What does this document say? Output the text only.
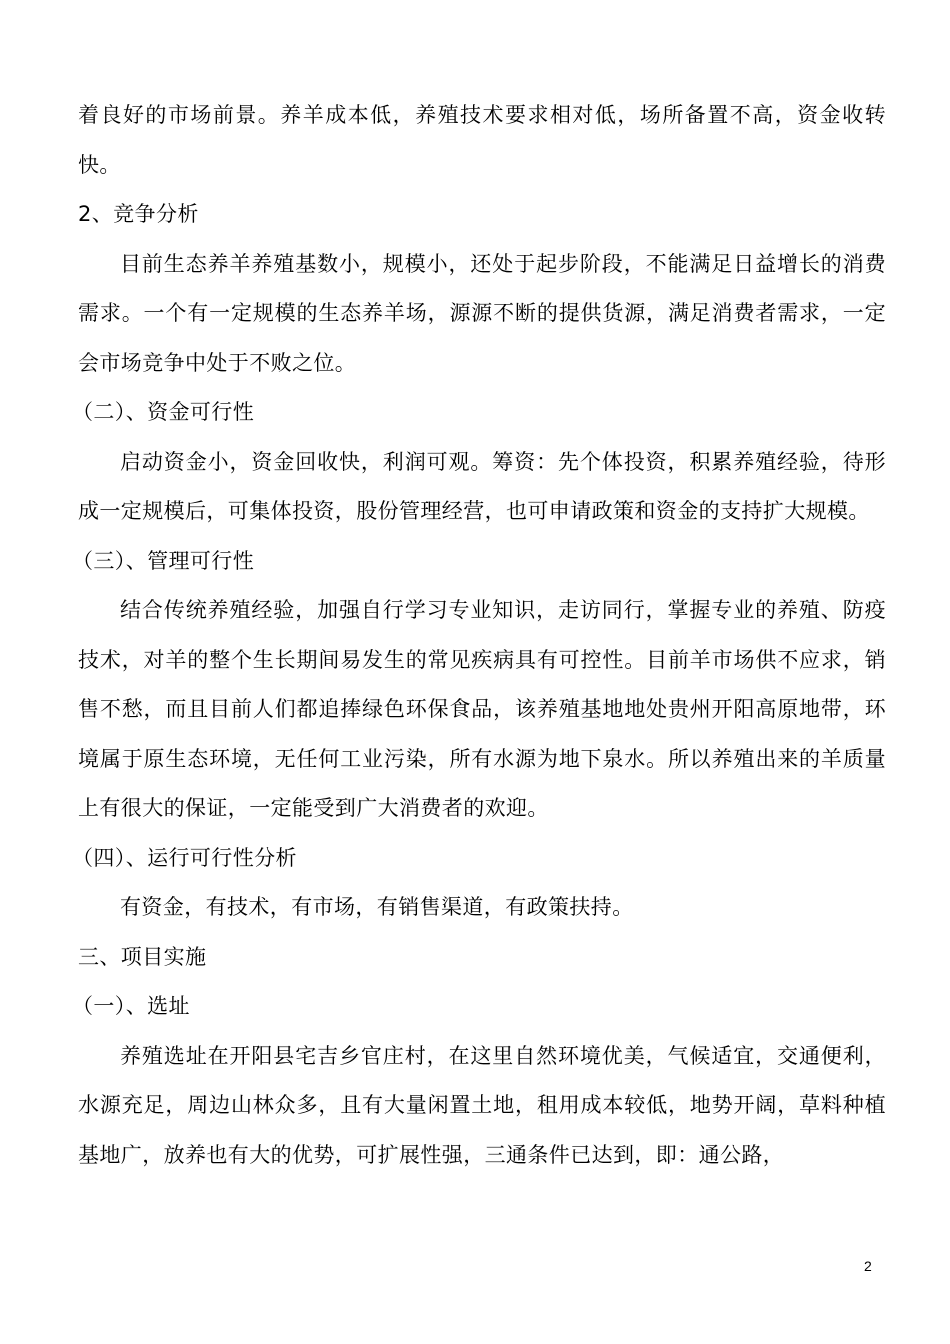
着良好的市场前景。养羊成本低，养殖技术要求相对低，场所备置不高，资金收转快。

2、竞争分析

目前生态养羊养殖基数小，规模小，还处于起步阶段，不能满足日益增长的消费需求。一个有一定规模的生态养羊场，源源不断的提供货源，满足消费者需求，一定会市场竞争中处于不败之位。

（二）、资金可行性

启动资金小，资金回收快，利润可观。筹资：先个体投资，积累养殖经验，待形成一定规模后，可集体投资，股份管理经营，也可申请政策和资金的支持扩大规模。

（三）、管理可行性

结合传统养殖经验，加强自行学习专业知识，走访同行，掌握专业的养殖、防疫技术，对羊的整个生长期间易发生的常见疾病具有可控性。目前羊市场供不应求，销售不愁，而且目前人们都追捧绿色环保食品，该养殖基地地处贵州开阳高原地带，环境属于原生态环境，无任何工业污染，所有水源为地下泉水。所以养殖出来的羊质量上有很大的保证，一定能受到广大消费者的欢迎。

（四）、运行可行性分析

有资金，有技术，有市场，有销售渠道，有政策扶持。

三、项目实施

（一）、选址

养殖选址在开阳县宅吉乡官庄村，在这里自然环境优美，气候适宜，交通便利，水源充足，周边山林众多，且有大量闲置土地，租用成本较低，地势开阔，草料种植基地广，放养也有大的优势，可扩展性强，三通条件已达到，即：通公路，

2
